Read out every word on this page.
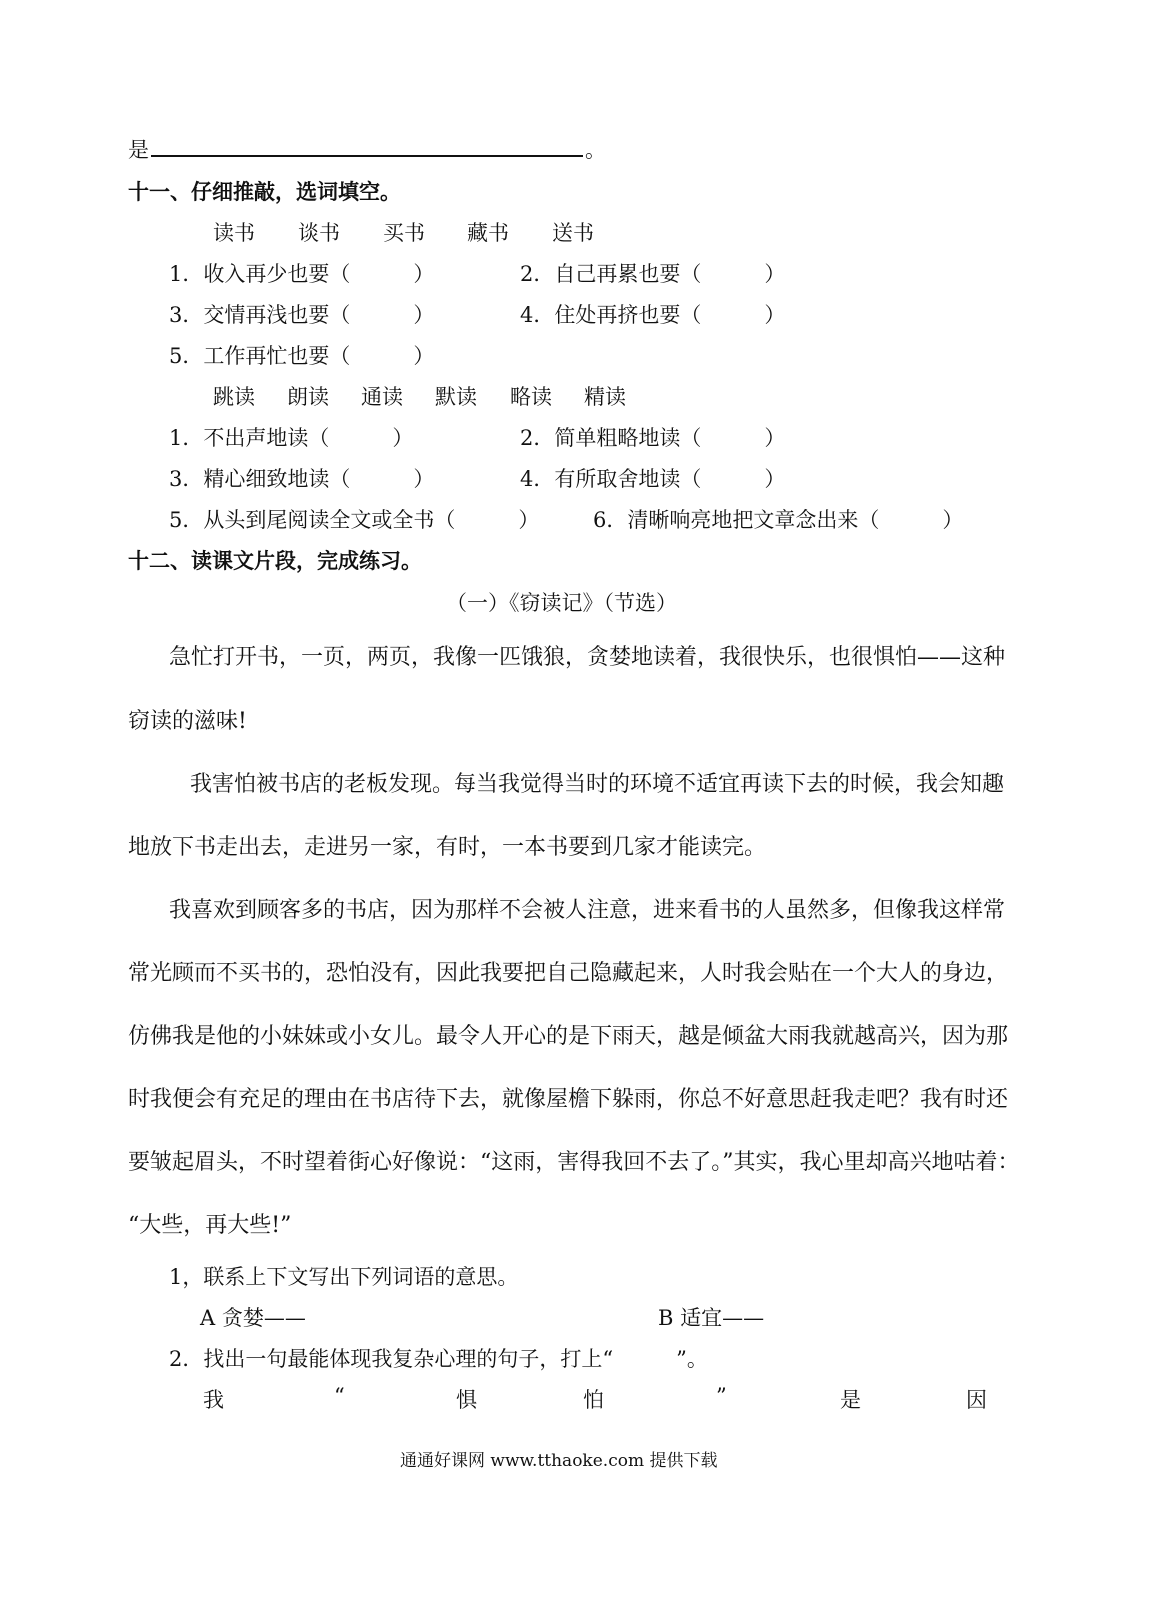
是	。
十一、仔细推敲，选词填空。
读书 谈书 买书 藏书 送书
1．收入再少也要（　　　）	2．自己再累也要（　　　）
3．交情再浅也要（　　　）	4．住处再挤也要（　　　）
5．工作再忙也要（　　　）
跳读 朗读 通读 默读 略读 精读
1．不出声地读（　　　）	2．简单粗略地读（　　　）
3．精心细致地读（　　　）	4．有所取舍地读（　　　）
5．从头到尾阅读全文或全书（　　　）	6．清晰响亮地把文章念出来（　　　）
十二、读课文片段，完成练习。
（一）《窃读记》（节选）
急忙打开书，一页，两页，我像一匹饿狼，贪婪地读着，我很快乐，也很惧怕——这种
窃读的滋味!
我害怕被书店的老板发现。每当我觉得当时的环境不适宜再读下去的时候，我会知趣
地放下书走出去，走进另一家，有时，一本书要到几家才能读完。
我喜欢到顾客多的书店，因为那样不会被人注意，进来看书的人虽然多，但像我这样常
常光顾而不买书的，恐怕没有，因此我要把自己隐藏起来，人时我会贴在一个大人的身边，
仿佛我是他的小妹妹或小女儿。最令人开心的是下雨天，越是倾盆大雨我就越高兴，因为那
时我便会有充足的理由在书店待下去，就像屋檐下躲雨，你总不好意思赶我走吧？我有时还
要皱起眉头，不时望着街心好像说：“这雨，害得我回不去了。”其实，我心里却高兴地咕着：
“大些，再大些!”
1，联系上下文写出下列词语的意思。
A 贪婪——	B 适宜——
2．找出一句最能体现我复杂心理的句子，打上“　　　”。
我	“	惧	怕	”	是	因
通通好课网 www.tthaoke.com 提供下载
